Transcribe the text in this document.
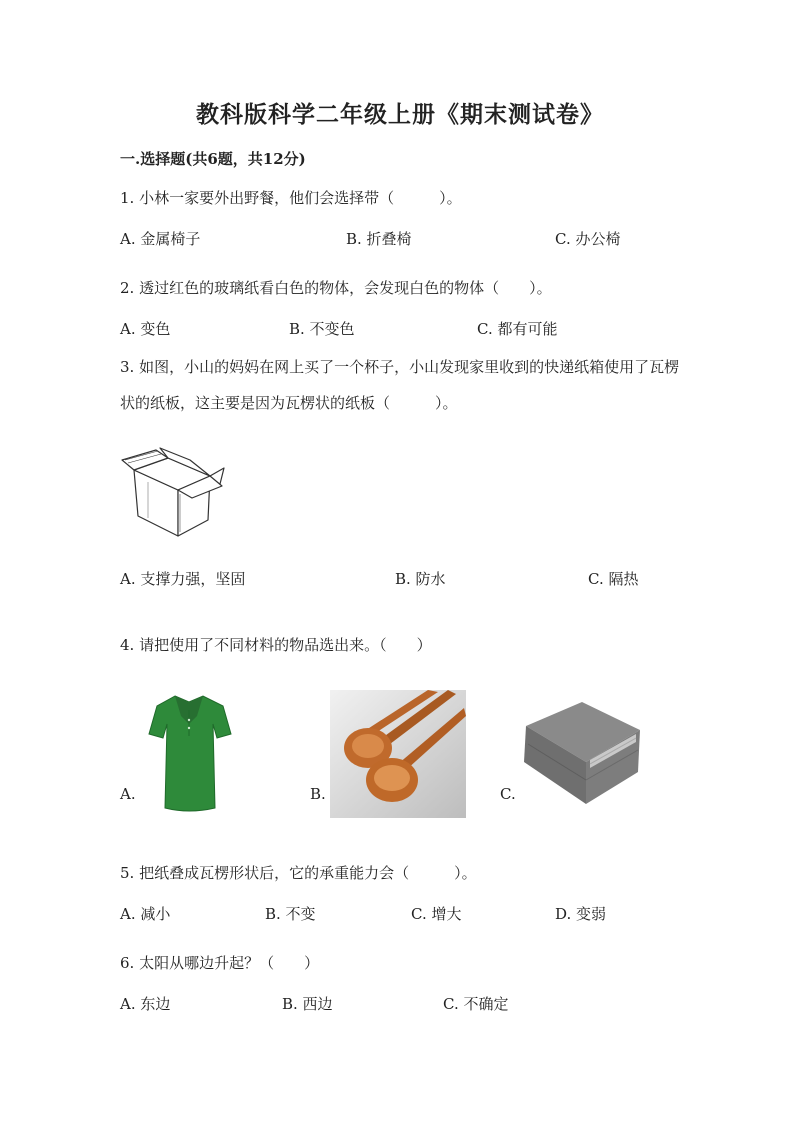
教科版科学二年级上册《期末测试卷》
一.选择题(共6题，共12分)
1. 小林一家要外出野餐，他们会选择带（　　　）。
A. 金属椅子	B. 折叠椅	C. 办公椅
2. 透过红色的玻璃纸看白色的物体，会发现白色的物体（　　）。
A. 变色	B. 不变色	C. 都有可能
3. 如图，小山的妈妈在网上买了一个杯子，小山发现家里收到的快递纸箱使用了瓦楞状的纸板，这主要是因为瓦楞状的纸板（　　　）。
A. 支撑力强，坚固	B. 防水	C. 隔热
4. 请把使用了不同材料的物品选出来。（　　）
A.	B.	C.
5. 把纸叠成瓦楞形状后，它的承重能力会（　　　）。
A. 减小	B. 不变	C. 增大	D. 变弱
6. 太阳从哪边升起？（　　）
A. 东边	B. 西边	C. 不确定
